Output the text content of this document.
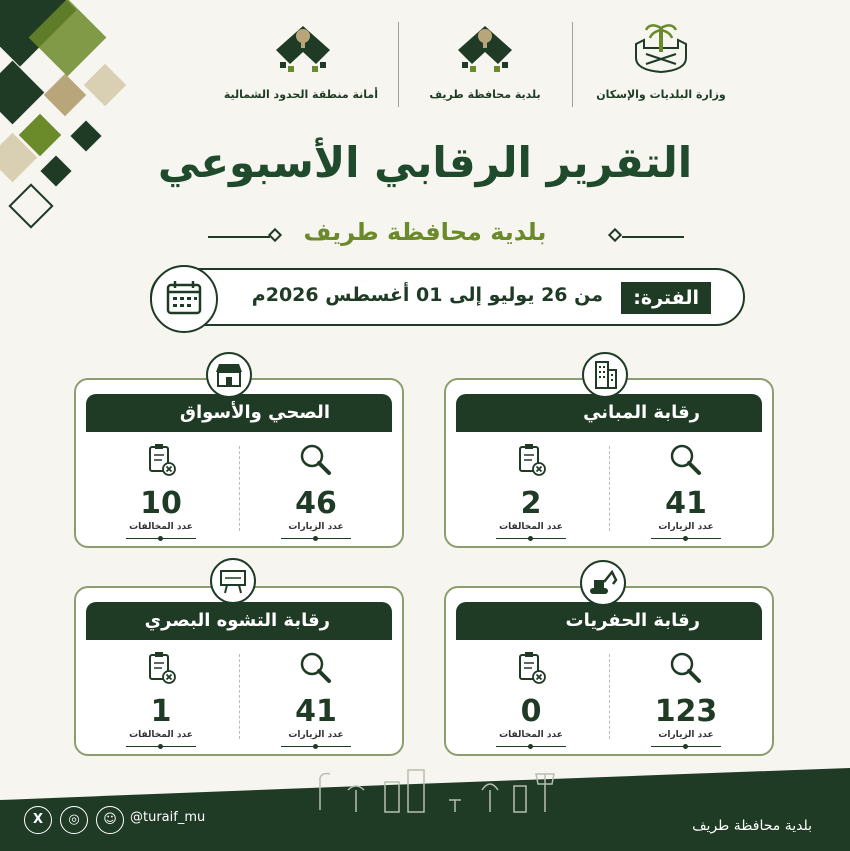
أمانة منطقة الحدود الشمالية	بلدية محافظة طريف	وزارة البلديات والإسكان
التقرير الرقابي الأسبوعي
بلدية محافظة طريف
الفترة:
من 26 يوليو إلى 01 أغسطس 2026م
الصحي والأسواق
46
عدد الزيارات
10
عدد المخالفات
رقابة المباني
41
عدد الزيارات
2
عدد المخالفات
رقابة التشوه البصري
41
عدد الزيارات
1
عدد المخالفات
رقابة الحفريات
123
عدد الزيارات
0
عدد المخالفات
X	◎	☺	@turaif_mu
بلدية محافظة طريف
